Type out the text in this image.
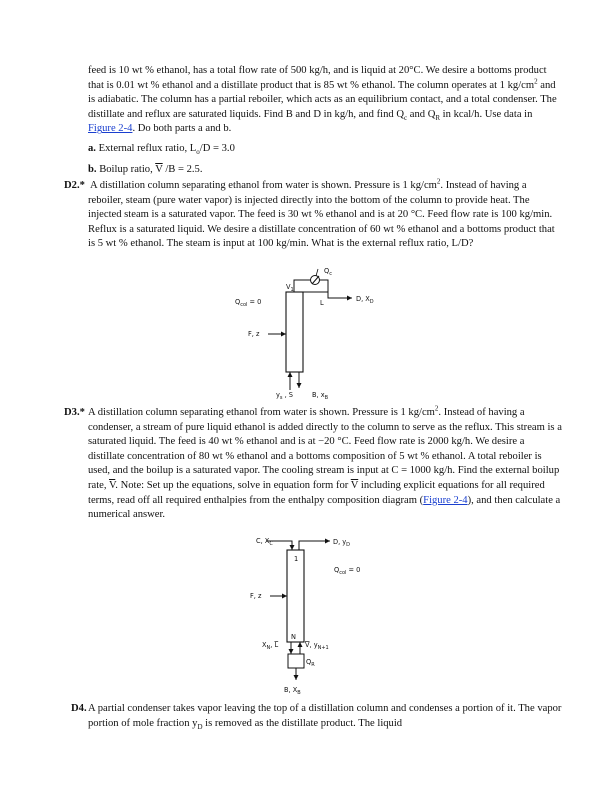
feed is 10 wt % ethanol, has a total flow rate of 500 kg/h, and is liquid at 20°C. We desire a bottoms product that is 0.01 wt % ethanol and a distillate product that is 85 wt % ethanol. The column operates at 1 $kg/cm^2$ and is adiabatic. The column has a partial reboiler, which acts as an equilibrium contact, and a total condenser. The distillate and reflux are saturated liquids. Find B and D in kg/h, and find $Q_c$ and $Q_R$ in kcal/h. Use data in Figure 2-4. Do both parts a and b.
a. External reflux ratio, $L_o/D = 3.0$
b. Boilup ratio, $\overline{V}$ /B = 2.5.
D2.* A distillation column separating ethanol from water is shown. Pressure is 1 $kg/cm^2$. Instead of having a reboiler, steam (pure water vapor) is injected directly into the bottom of the column to provide heat. The injected steam is a saturated vapor. The feed is 30 wt % ethanol and is at 20 °C. Feed flow rate is 100 kg/min. Reflux is a saturated liquid. We desire a distillate concentration of 60 wt % ethanol and a bottoms product that is 5 wt % ethanol. The steam is input at 100 kg/min. What is the external reflux ratio, L/D?
$Q_c$
$V_1$
L
$Q_{col} = 0$	D, $X_D$
F, z
$y_s$ , S	B, $x_B$
D3.* A distillation column separating ethanol from water is shown. Pressure is 1 $kg/cm^2$. Instead of having a condenser, a stream of pure liquid ethanol is added directly to the column to serve as the reflux. This stream is a saturated liquid. The feed is 40 wt % ethanol and is at −20 °C. Feed flow rate is 2000 kg/h. We desire a distillate concentration of 80 wt % ethanol and a bottoms composition of 5 wt % ethanol. A total reboiler is used, and the boilup is a saturated vapor. The cooling stream is input at C = 1000 kg/h. Find the external boilup rate, $\overline{V}$. Note: Set up the equations, solve in equation form for $\overline{V}$ including explicit equations for all required terms, read off all required enthalpies from the enthalpy composition diagram (Figure 2-4), and then calculate a numerical answer.
C, $X_C$	D, $y_D$
1
$Q_{col} = 0$
F, z
N
$X_N$, L	V, $y_{N+1}$
$Q_R$
B, $X_B$
D4. A partial condenser takes vapor leaving the top of a distillation column and condenses a portion of it. The vapor portion of mole fraction $y_D$ is removed as the distillate product. The liquid
